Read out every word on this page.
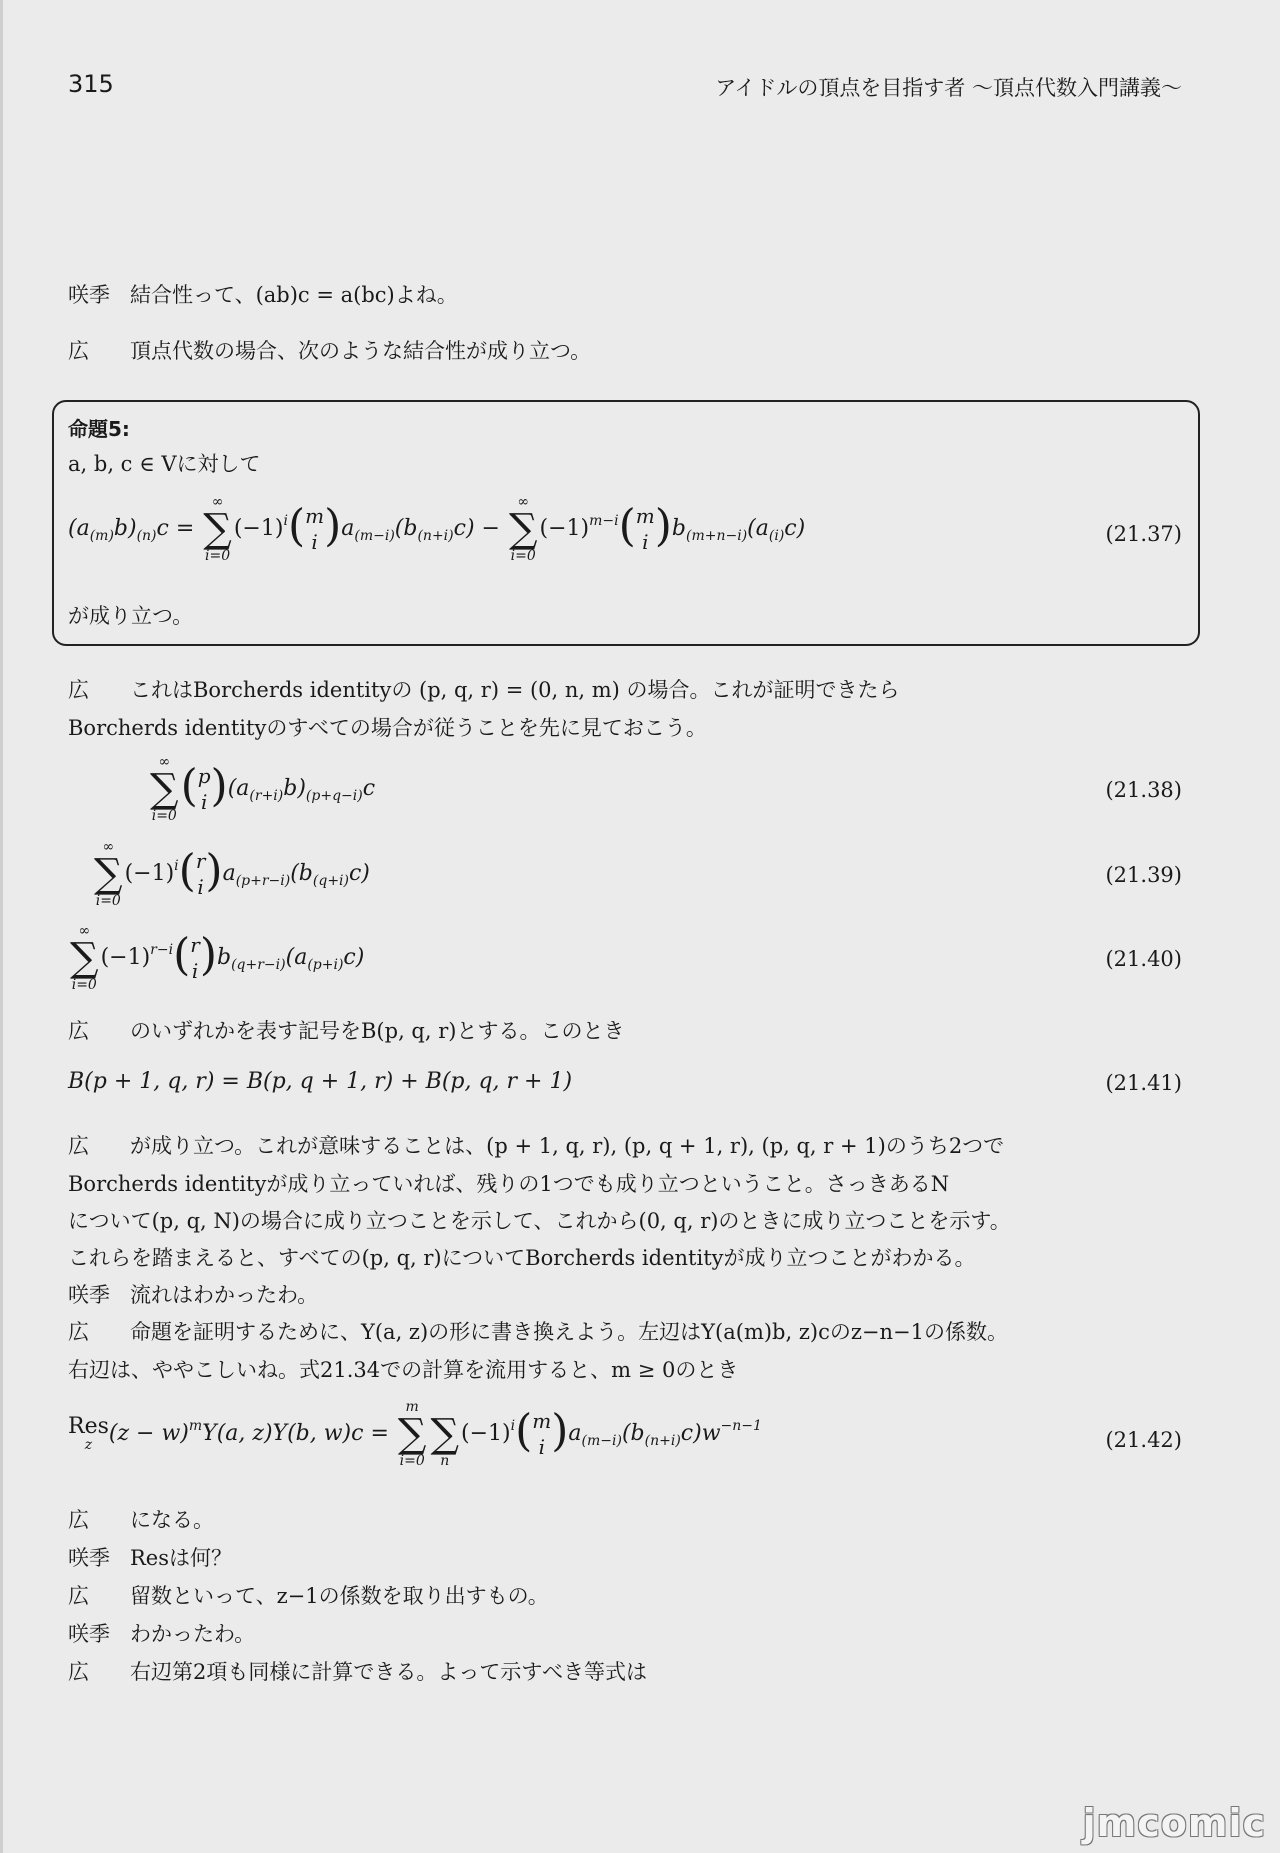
315	アイドルの頂点を目指す者 〜頂点代数入門講義〜
咲季 結合性って、(ab)c = a(bc)よね。
広 頂点代数の場合、次のような結合性が成り立つ。
命題5:
a, b, c ∈ Vに対して
$(a_{(m)}b)_{(n)}c$ =
∞
∑
i=0
$(-1)^i(m$
i )$a_{(m-i)}(b_{(n+i)}c)$ −
∞
∑
i=0
$(-1)^{m-i}(m$
i )$b_{(m+n-i)}(a_{(i)}c)$	(21.37)
が成り立つ。
広 これはBorcherds identityの (p, q, r) = (0, n, m) の場合。これが証明できたら
Borcherds identityのすべての場合が従うことを先に見ておこう。
∞
∑
i=0
(p
$i)(a_{(r+i)}b)_{(p+q-i)}c$	(21.38)
∞
∑
i=0
$(-1)^i(r$
$i)a_{(p+r-i)}(b_{(q+i)}c)$	(21.39)
∞
∑
i=0
$(-1)^{r-i}(r$
$i)b_{(q+r-i)}(a_{(p+i)}c)$	(21.40)
広 のいずれかを表す記号をB(p, q, r)とする。このとき
B(p + 1, q, r) = B(p, q + 1, r) + B(p, q, r + 1)	(21.41)
広 が成り立つ。これが意味することは、(p + 1, q, r), (p, q + 1, r), (p, q, r + 1)のうち2つで
Borcherds identityが成り立っていれば、残りの1つでも成り立つということ。さっきあるN
について(p, q, N)の場合に成り立つことを示して、これから(0, q, r)のときに成り立つことを示す。
これらを踏まえると、すべての(p, q, r)についてBorcherds identityが成り立つことがわかる。
咲季 流れはわかったわ。
広 命題を証明するために、Y(a, z)の形に書き換えよう。左辺はY(a(m)b, z)cのz−n−1の係数。
右辺は、ややこしいね。式21.34での計算を流用すると、m ≥ 0のとき
Res
z $(z - w)^mY(a$, z)Y(b, w)c =
m
∑
i=0

∑
n
$(-1)^i(m$
i )$a_{(m-i)}(b_{(n+i)}c)w^{-n-1}$
(21.42)
広 になる。
咲季 Resは何？
広 留数といって、z−1の係数を取り出すもの。
咲季 わかったわ。
広 右辺第2項も同様に計算できる。よって示すべき等式は
jmcomic
